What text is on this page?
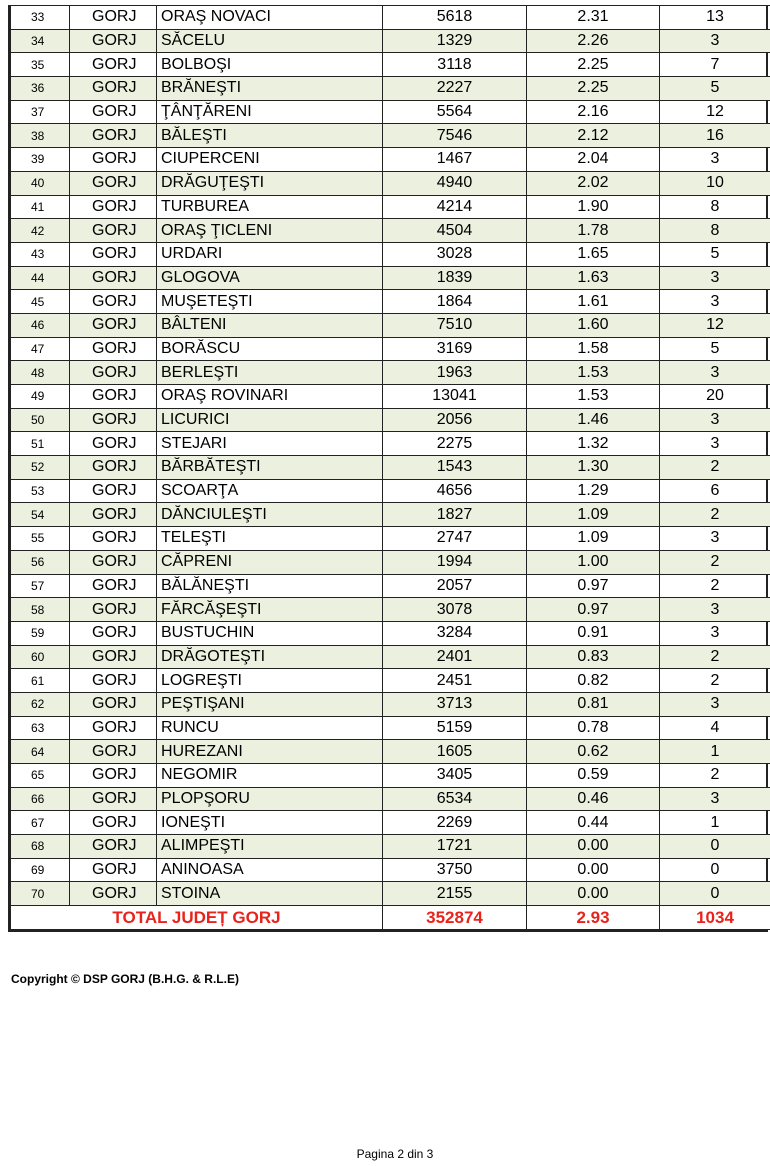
33	GORJ	ORAŞ NOVACI	5618	2.31	13
34	GORJ	SĂCELU	1329	2.26	3
35	GORJ	BOLBOŞI	3118	2.25	7
36	GORJ	BRĂNEŞTI	2227	2.25	5
37	GORJ	ŢÂNŢĂRENI	5564	2.16	12
38	GORJ	BĂLEŞTI	7546	2.12	16
39	GORJ	CIUPERCENI	1467	2.04	3
40	GORJ	DRĂGUŢEŞTI	4940	2.02	10
41	GORJ	TURBUREA	4214	1.90	8
42	GORJ	ORAŞ ŢICLENI	4504	1.78	8
43	GORJ	URDARI	3028	1.65	5
44	GORJ	GLOGOVA	1839	1.63	3
45	GORJ	MUŞETEŞTI	1864	1.61	3
46	GORJ	BÂLTENI	7510	1.60	12
47	GORJ	BORĂSCU	3169	1.58	5
48	GORJ	BERLEŞTI	1963	1.53	3
49	GORJ	ORAŞ ROVINARI	13041	1.53	20
50	GORJ	LICURICI	2056	1.46	3
51	GORJ	STEJARI	2275	1.32	3
52	GORJ	BĂRBĂTEŞTI	1543	1.30	2
53	GORJ	SCOARŢA	4656	1.29	6
54	GORJ	DĂNCIULEŞTI	1827	1.09	2
55	GORJ	TELEŞTI	2747	1.09	3
56	GORJ	CĂPRENI	1994	1.00	2
57	GORJ	BĂLĂNEŞTI	2057	0.97	2
58	GORJ	FĂRCĂŞEŞTI	3078	0.97	3
59	GORJ	BUSTUCHIN	3284	0.91	3
60	GORJ	DRĂGOTEŞTI	2401	0.83	2
61	GORJ	LOGREŞTI	2451	0.82	2
62	GORJ	PEŞTIŞANI	3713	0.81	3
63	GORJ	RUNCU	5159	0.78	4
64	GORJ	HUREZANI	1605	0.62	1
65	GORJ	NEGOMIR	3405	0.59	2
66	GORJ	PLOPŞORU	6534	0.46	3
67	GORJ	IONEŞTI	2269	0.44	1
68	GORJ	ALIMPEŞTI	1721	0.00	0
69	GORJ	ANINOASA	3750	0.00	0
70	GORJ	STOINA	2155	0.00	0
TOTAL JUDEȚ GORJ			352874	2.93	1034
Copyright © DSP GORJ (B.H.G. & R.L.E)
Pagina 2 din 3
